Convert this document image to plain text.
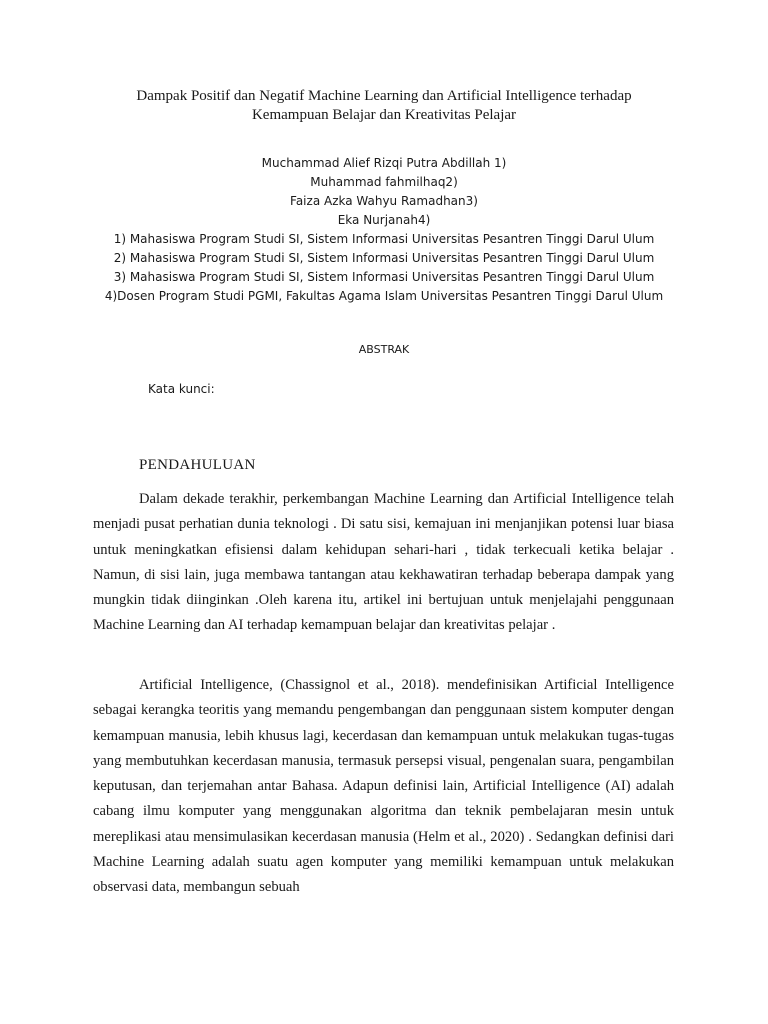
Dampak Positif dan Negatif Machine Learning dan Artificial Intelligence terhadap
Kemampuan Belajar dan Kreativitas Pelajar
Muchammad Alief Rizqi Putra Abdillah 1)
Muhammad fahmilhaq2)
Faiza Azka Wahyu Ramadhan3)
Eka Nurjanah4)
1) Mahasiswa Program Studi SI, Sistem Informasi Universitas Pesantren Tinggi Darul Ulum
2) Mahasiswa Program Studi SI, Sistem Informasi Universitas Pesantren Tinggi Darul Ulum
3) Mahasiswa Program Studi SI, Sistem Informasi Universitas Pesantren Tinggi Darul Ulum
4)Dosen Program Studi PGMI, Fakultas Agama Islam Universitas Pesantren Tinggi Darul Ulum
ABSTRAK
Kata kunci:
PENDAHULUAN

Dalam dekade terakhir, perkembangan Machine Learning dan Artificial Intelligence telah menjadi pusat perhatian dunia teknologi . Di satu sisi, kemajuan ini menjanjikan potensi luar biasa untuk meningkatkan efisiensi dalam kehidupan sehari-hari , tidak terkecuali ketika belajar . Namun, di sisi lain, juga membawa tantangan atau kekhawatiran terhadap beberapa dampak yang mungkin tidak diinginkan .Oleh karena itu, artikel ini bertujuan untuk menjelajahi penggunaan Machine Learning dan AI terhadap kemampuan belajar dan kreativitas pelajar .

Artificial Intelligence, (Chassignol et al., 2018). mendefinisikan Artificial Intelligence sebagai kerangka teoritis yang memandu pengembangan dan penggunaan sistem komputer dengan kemampuan manusia, lebih khusus lagi, kecerdasan dan kemampuan untuk melakukan tugas-tugas yang membutuhkan kecerdasan manusia, termasuk persepsi visual, pengenalan suara, pengambilan keputusan, dan terjemahan antar Bahasa. Adapun definisi lain, Artificial Intelligence (AI) adalah cabang ilmu komputer yang menggunakan algoritma dan teknik pembelajaran mesin untuk mereplikasi atau mensimulasikan kecerdasan manusia (Helm et al., 2020) . Sedangkan definisi dari Machine Learning adalah suatu agen komputer yang memiliki kemampuan untuk melakukan observasi data, membangun sebuah
